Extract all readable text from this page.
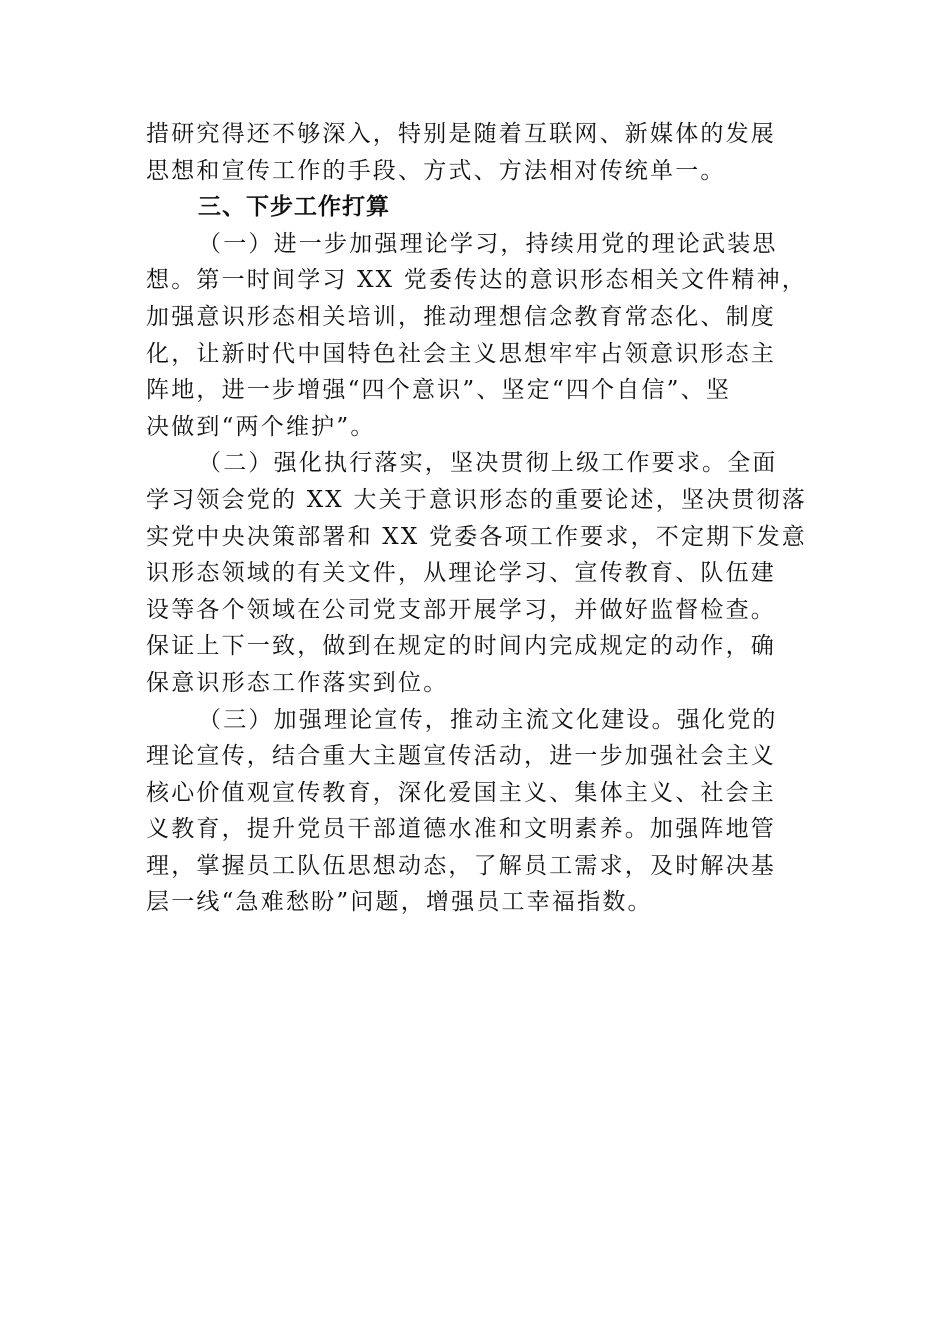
措研究得还不够深入，特别是随着互联网、新媒体的发展
思想和宣传工作的手段、方式、方法相对传统单一。
三、下步工作打算
（一）进一步加强理论学习，持续用党的理论武装思
想。第一时间学习 XX 党委传达的意识形态相关文件精神，
加强意识形态相关培训，推动理想信念教育常态化、制度
化，让新时代中国特色社会主义思想牢牢占领意识形态主
阵地，进一步增强“四个意识”、坚定“四个自信”、坚
决做到“两个维护”。
（二）强化执行落实，坚决贯彻上级工作要求。全面
学习领会党的 XX 大关于意识形态的重要论述，坚决贯彻落
实党中央决策部署和 XX 党委各项工作要求，不定期下发意
识形态领域的有关文件，从理论学习、宣传教育、队伍建
设等各个领域在公司党支部开展学习，并做好监督检查。
保证上下一致，做到在规定的时间内完成规定的动作，确
保意识形态工作落实到位。
（三）加强理论宣传，推动主流文化建设。强化党的
理论宣传，结合重大主题宣传活动，进一步加强社会主义
核心价值观宣传教育，深化爱国主义、集体主义、社会主
义教育，提升党员干部道德水准和文明素养。加强阵地管
理，掌握员工队伍思想动态，了解员工需求，及时解决基
层一线“急难愁盼”问题，增强员工幸福指数。
